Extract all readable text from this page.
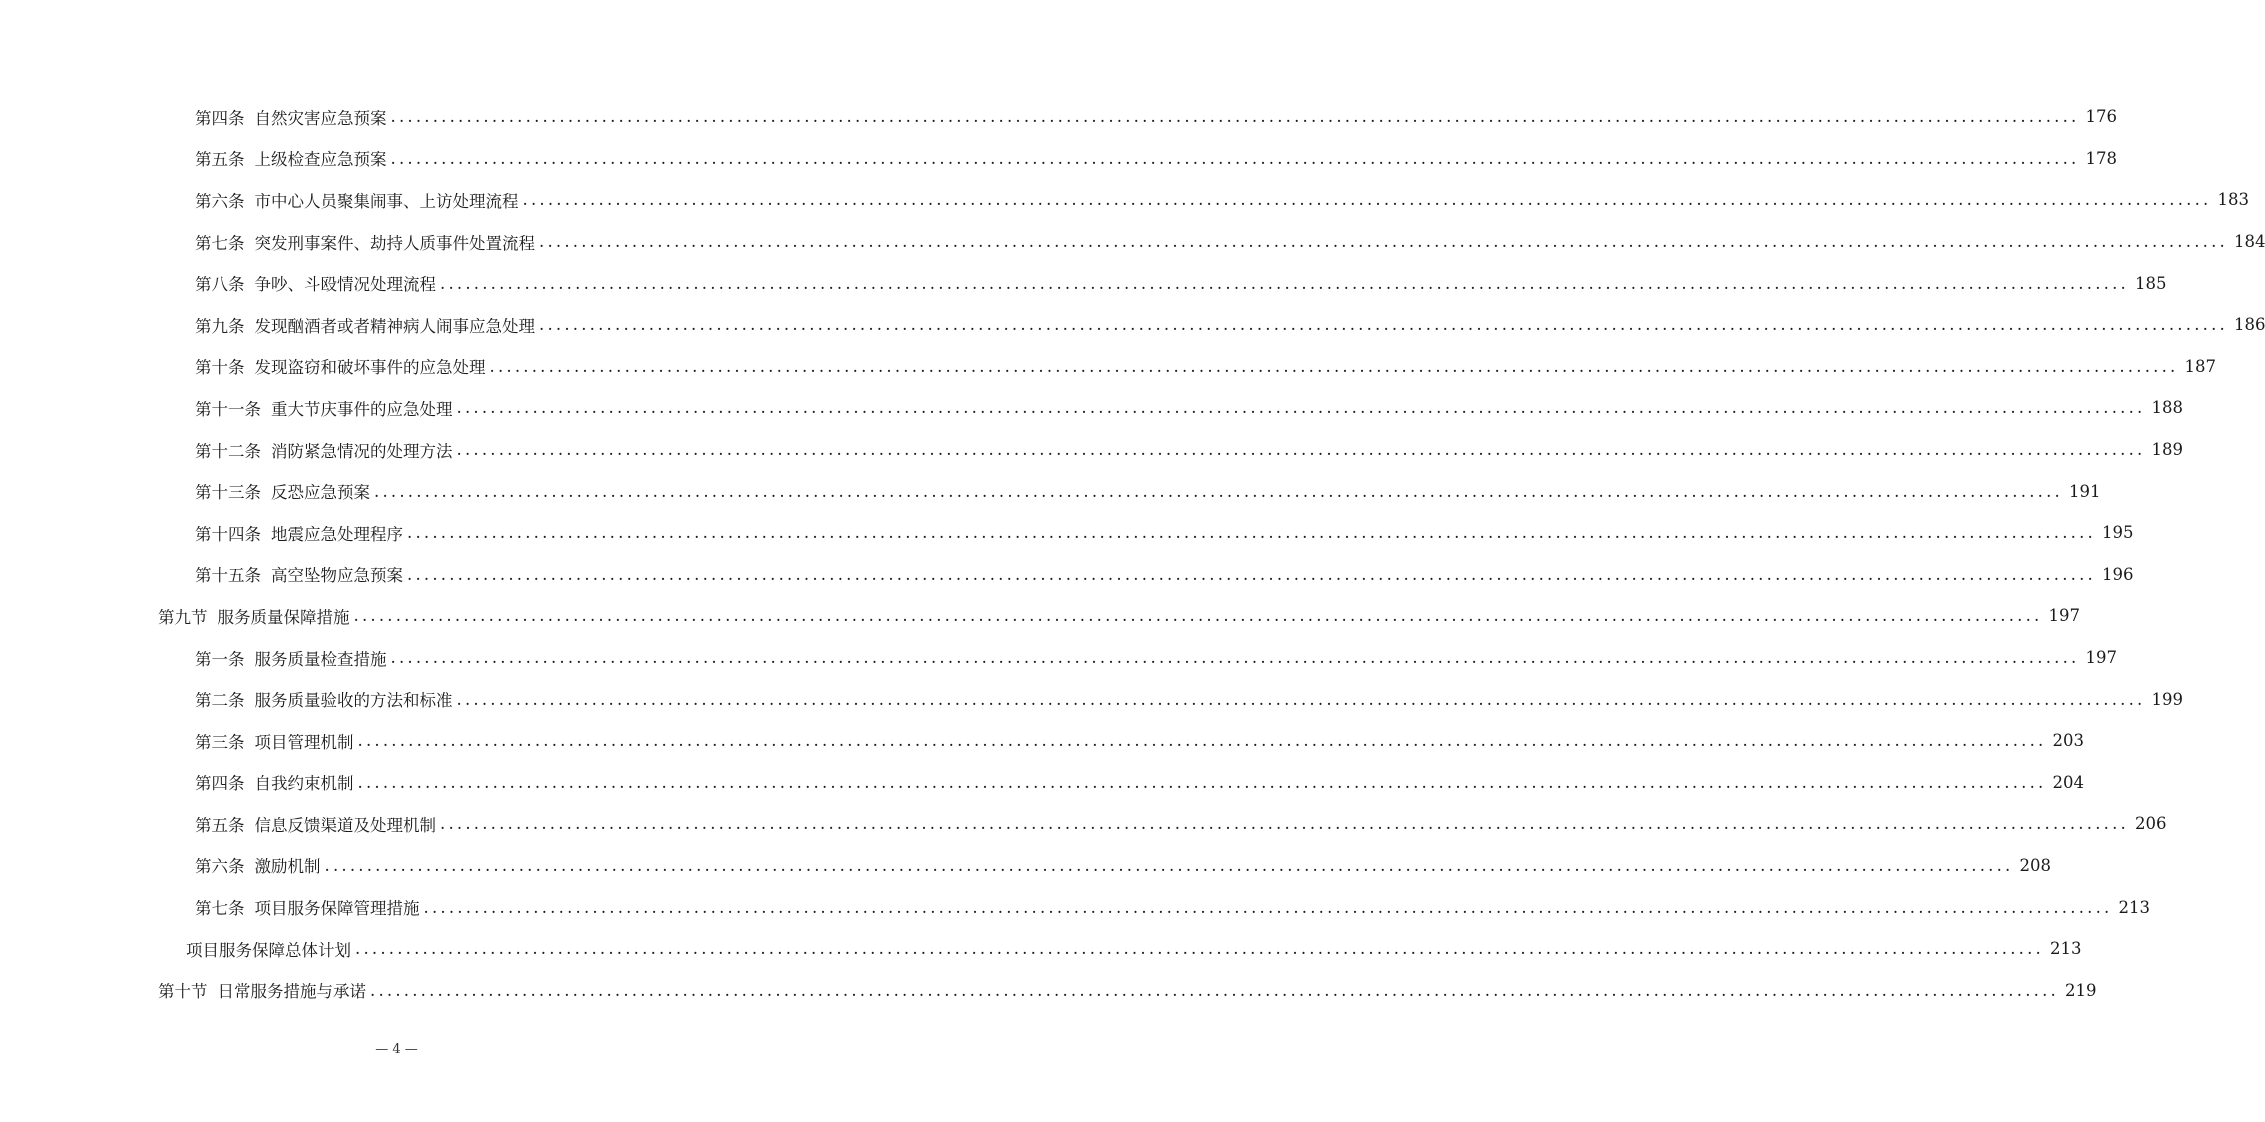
第四条 自然灾害应急预案 ........................................................................................................................................................................................................ 176
第五条 上级检查应急预案 ........................................................................................................................................................................................................ 178
第六条 市中心人员聚集闹事、上访处理流程 ........................................................................................................................................................................................................ 183
第七条 突发刑事案件、劫持人质事件处置流程 ........................................................................................................................................................................................................ 184
第八条 争吵、斗殴情况处理流程 ........................................................................................................................................................................................................ 185
第九条 发现酗酒者或者精神病人闹事应急处理 ........................................................................................................................................................................................................ 186
第十条 发现盗窃和破坏事件的应急处理 ........................................................................................................................................................................................................ 187
第十一条 重大节庆事件的应急处理 ........................................................................................................................................................................................................ 188
第十二条 消防紧急情况的处理方法 ........................................................................................................................................................................................................ 189
第十三条 反恐应急预案 ........................................................................................................................................................................................................ 191
第十四条 地震应急处理程序 ........................................................................................................................................................................................................ 195
第十五条 高空坠物应急预案 ........................................................................................................................................................................................................ 196
第九节 服务质量保障措施 ........................................................................................................................................................................................................ 197
第一条 服务质量检查措施 ........................................................................................................................................................................................................ 197
第二条 服务质量验收的方法和标准 ........................................................................................................................................................................................................ 199
第三条 项目管理机制 ........................................................................................................................................................................................................ 203
第四条 自我约束机制 ........................................................................................................................................................................................................ 204
第五条 信息反馈渠道及处理机制 ........................................................................................................................................................................................................ 206
第六条 激励机制 ........................................................................................................................................................................................................ 208
第七条 项目服务保障管理措施 ........................................................................................................................................................................................................ 213
项目服务保障总体计划 ........................................................................................................................................................................................................ 213
第十节 日常服务措施与承诺 ........................................................................................................................................................................................................ 219
— 4 —
